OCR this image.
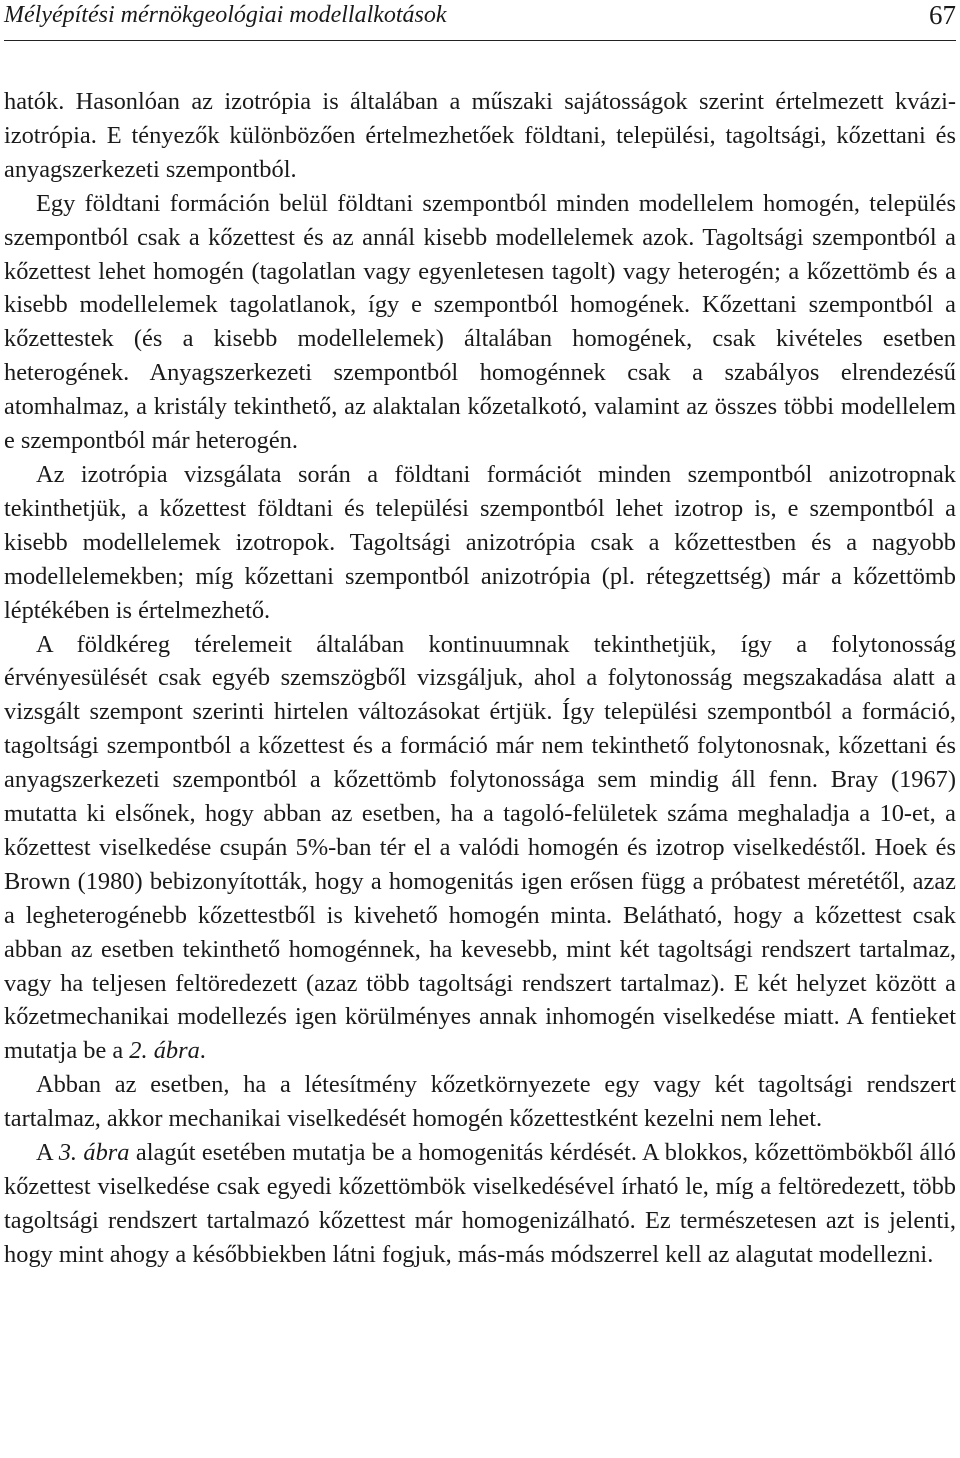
Mélyépítési mérnökgeológiai modellalkotások	67

hatók. Hasonlóan az izotrópia is általában a műszaki sajátosságok szerint értelmezett kvázi-izotrópia. E tényezők különbözően értelmezhetőek földtani, települési, tagoltsági, kőzettani és anyagszerkezeti szempontból.

Egy földtani formáción belül földtani szempontból minden modellelem homogén, település szempontból csak a kőzettest és az annál kisebb modellelemek azok. Tagoltsági szempontból a kőzettest lehet homogén (tagolatlan vagy egyenletesen tagolt) vagy heterogén; a kőzettömb és a kisebb modellelemek tagolatlanok, így e szempontból homogének. Kőzettani szempontból a kőzettestek (és a kisebb modellelemek) általában homogének, csak kivételes esetben heterogének. Anyagszerkezeti szempontból homogénnek csak a szabályos elrendezésű atomhalmaz, a kristály tekinthető, az alaktalan kőzetalkotó, valamint az összes többi modellelem e szempontból már heterogén.

Az izotrópia vizsgálata során a földtani formációt minden szempontból anizotropnak tekinthetjük, a kőzettest földtani és települési szempontból lehet izotrop is, e szempontból a kisebb modellelemek izotropok. Tagoltsági anizotrópia csak a kőzettestben és a nagyobb modellelemekben; míg kőzettani szempontból anizotrópia (pl. rétegzettség) már a kőzettömb léptékében is értelmezhető.

A földkéreg térelemeit általában kontinuumnak tekinthetjük, így a folytonosság érvényesülését csak egyéb szemszögből vizsgáljuk, ahol a folytonosság megszakadása alatt a vizsgált szempont szerinti hirtelen változásokat értjük. Így települési szempontból a formáció, tagoltsági szempontból a kőzettest és a formáció már nem tekinthető folytonosnak, kőzettani és anyagszerkezeti szempontból a kőzettömb folytonossága sem mindig áll fenn. Bray (1967) mutatta ki elsőnek, hogy abban az esetben, ha a tagoló-felületek száma meghaladja a 10-et, a kőzettest viselkedése csupán 5%-ban tér el a valódi homogén és izotrop viselkedéstől. Hoek és Brown (1980) bebizonyították, hogy a homogenitás igen erősen függ a próbatest méretétől, azaz a legheterogénebb kőzettestből is kivehető homogén minta. Belátható, hogy a kőzettest csak abban az esetben tekinthető homogénnek, ha kevesebb, mint két tagoltsági rendszert tartalmaz, vagy ha teljesen feltöredezett (azaz több tagoltsági rendszert tartalmaz). E két helyzet között a kőzetmechanikai modellezés igen körülményes annak inhomogén viselkedése miatt. A fentieket mutatja be a 2. ábra.

Abban az esetben, ha a létesítmény kőzetkörnyezete egy vagy két tagoltsági rendszert tartalmaz, akkor mechanikai viselkedését homogén kőzettestként kezelni nem lehet.

A 3. ábra alagút esetében mutatja be a homogenitás kérdését. A blokkos, kőzettömbökből álló kőzettest viselkedése csak egyedi kőzettömbök viselkedésével írható le, míg a feltöredezett, több tagoltsági rendszert tartalmazó kőzettest már homogenizálható. Ez természetesen azt is jelenti, hogy mint ahogy a későbbiekben látni fogjuk, más-más módszerrel kell az alagutat modellezni.
